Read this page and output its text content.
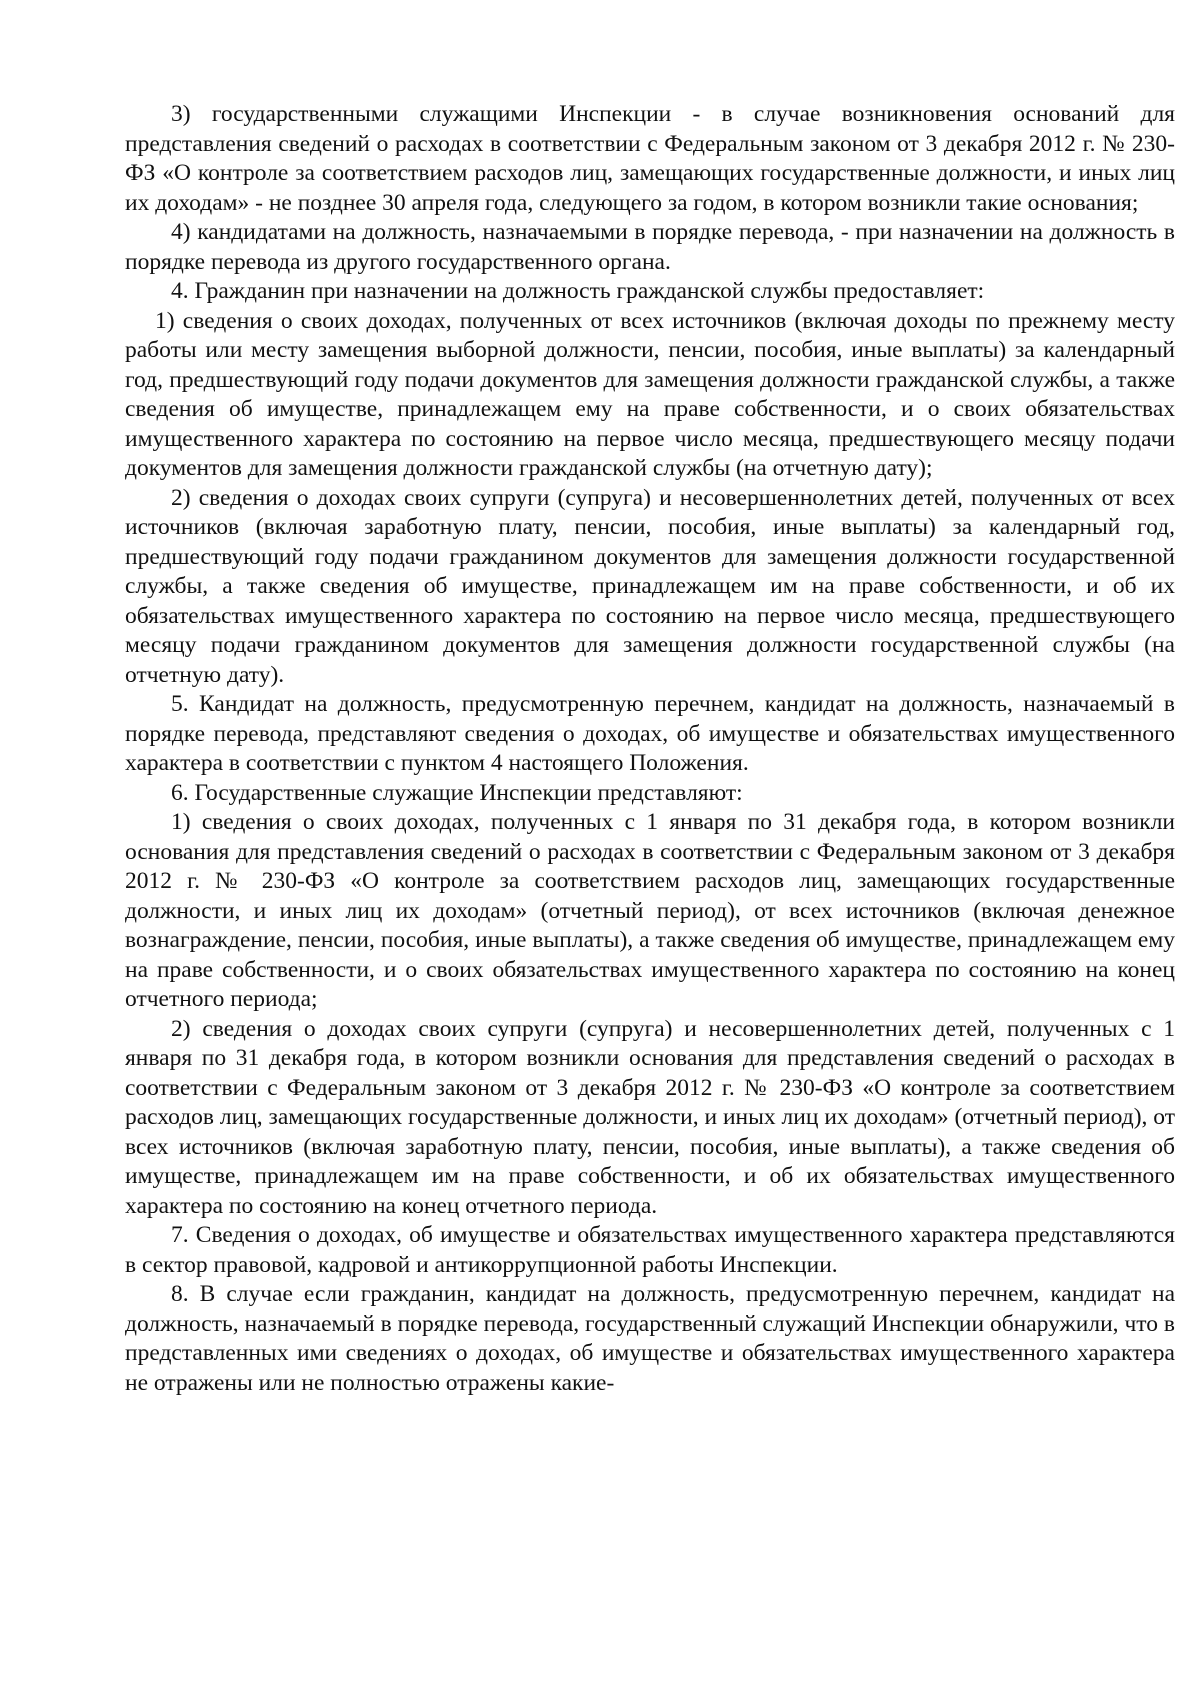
3) государственными служащими Инспекции - в случае возникновения оснований для представления сведений о расходах в соответствии с Федеральным законом от 3 декабря 2012 г. № 230-ФЗ «О контроле за соответствием расходов лиц, замещающих государственные должности, и иных лиц их доходам» - не позднее 30 апреля года, следующего за годом, в котором возникли такие основания;

4) кандидатами на должность, назначаемыми в порядке перевода, - при назначении на должность в порядке перевода из другого государственного органа.

4. Гражданин при назначении на должность гражданской службы предоставляет:

1) сведения о своих доходах, полученных от всех источников (включая доходы по прежнему месту работы или месту замещения выборной должности, пенсии, пособия, иные выплаты) за календарный год, предшествующий году подачи документов для замещения должности гражданской службы, а также сведения об имуществе, принадлежащем ему на праве собственности, и о своих обязательствах имущественного характера по состоянию на первое число месяца, предшествующего месяцу подачи документов для замещения должности гражданской службы (на отчетную дату);

2) сведения о доходах своих супруги (супруга) и несовершеннолетних детей, полученных от всех источников (включая заработную плату, пенсии, пособия, иные выплаты) за календарный год, предшествующий году подачи гражданином документов для замещения должности государственной службы, а также сведения об имуществе, принадлежащем им на праве собственности, и об их обязательствах имущественного характера по состоянию на первое число месяца, предшествующего месяцу подачи гражданином документов для замещения должности государственной службы (на отчетную дату).

5. Кандидат на должность, предусмотренную перечнем, кандидат на должность, назначаемый в порядке перевода, представляют сведения о доходах, об имуществе и обязательствах имущественного характера в соответствии с пунктом 4 настоящего Положения.

6. Государственные служащие Инспекции представляют:

1) сведения о своих доходах, полученных с 1 января по 31 декабря года, в котором возникли основания для представления сведений о расходах в соответствии с Федеральным законом от 3 декабря 2012 г. № 230-ФЗ «О контроле за соответствием расходов лиц, замещающих государственные должности, и иных лиц их доходам» (отчетный период), от всех источников (включая денежное вознаграждение, пенсии, пособия, иные выплаты), а также сведения об имуществе, принадлежащем ему на праве собственности, и о своих обязательствах имущественного характера по состоянию на конец отчетного периода;

2) сведения о доходах своих супруги (супруга) и несовершеннолетних детей, полученных с 1 января по 31 декабря года, в котором возникли основания для представления сведений о расходах в соответствии с Федеральным законом от 3 декабря 2012 г. № 230-ФЗ «О контроле за соответствием расходов лиц, замещающих государственные должности, и иных лиц их доходам» (отчетный период), от всех источников (включая заработную плату, пенсии, пособия, иные выплаты), а также сведения об имуществе, принадлежащем им на праве собственности, и об их обязательствах имущественного характера по состоянию на конец отчетного периода.

7. Сведения о доходах, об имуществе и обязательствах имущественного характера представляются в сектор правовой, кадровой и антикоррупционной работы Инспекции.

8. В случае если гражданин, кандидат на должность, предусмотренную перечнем, кандидат на должность, назначаемый в порядке перевода, государственный служащий Инспекции обнаружили, что в представленных ими сведениях о доходах, об имуществе и обязательствах имущественного характера не отражены или не полностью отражены какие-
